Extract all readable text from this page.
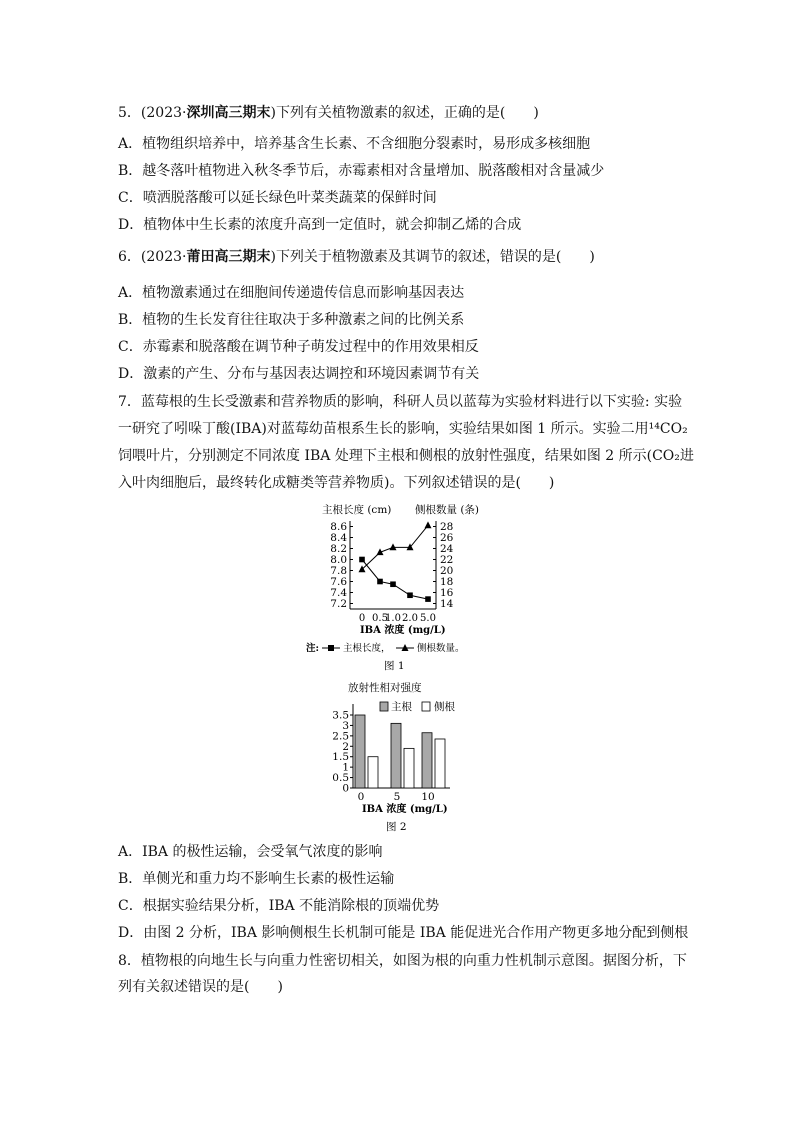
5．(2023·深圳高三期末)下列有关植物激素的叙述，正确的是(　　)
A．植物组织培养中，培养基含生长素、不含细胞分裂素时，易形成多核细胞
B．越冬落叶植物进入秋冬季节后，赤霉素相对含量增加、脱落酸相对含量减少
C．喷洒脱落酸可以延长绿色叶菜类蔬菜的保鲜时间
D．植物体中生长素的浓度升高到一定值时，就会抑制乙烯的合成
6．(2023·莆田高三期末)下列关于植物激素及其调节的叙述，错误的是(　　)
A．植物激素通过在细胞间传递遗传信息而影响基因表达
B．植物的生长发育往往取决于多种激素之间的比例关系
C．赤霉素和脱落酸在调节种子萌发过程中的作用效果相反
D．激素的产生、分布与基因表达调控和环境因素调节有关
7．蓝莓根的生长受激素和营养物质的影响，科研人员以蓝莓为实验材料进行以下实验: 实验
一研究了吲哚丁酸(IBA)对蓝莓幼苗根系生长的影响，实验结果如图 1 所示。实验二用¹⁴CO₂
饲喂叶片，分别测定不同浓度 IBA 处理下主根和侧根的放射性强度，结果如图 2 所示(CO₂进
入叶肉细胞后，最终转化成糖类等营养物质)。下列叙述错误的是(　　)
主根长度 (cm) 侧根数量 (条)
7.2
7.4
7.6
7.8
8.0
8.2
8.4
8.6
14
16
18
20
22
24
26
28
0 0.5
1.0 2.0 5.0
IBA 浓度 (mg/L)
注:	主根长度，	侧根数量。
图 1
放射性相对强度
0
0.5
1
1.5
2
2.5
3
3.5
0	5 10
主根 侧根
IBA 浓度 (mg/L)
图 2
A．IBA 的极性运输，会受氧气浓度的影响
B．单侧光和重力均不影响生长素的极性运输
C．根据实验结果分析，IBA 不能消除根的顶端优势
D．由图 2 分析，IBA 影响侧根生长机制可能是 IBA 能促进光合作用产物更多地分配到侧根
8．植物根的向地生长与向重力性密切相关，如图为根的向重力性机制示意图。据图分析，下
列有关叙述错误的是(　　)
